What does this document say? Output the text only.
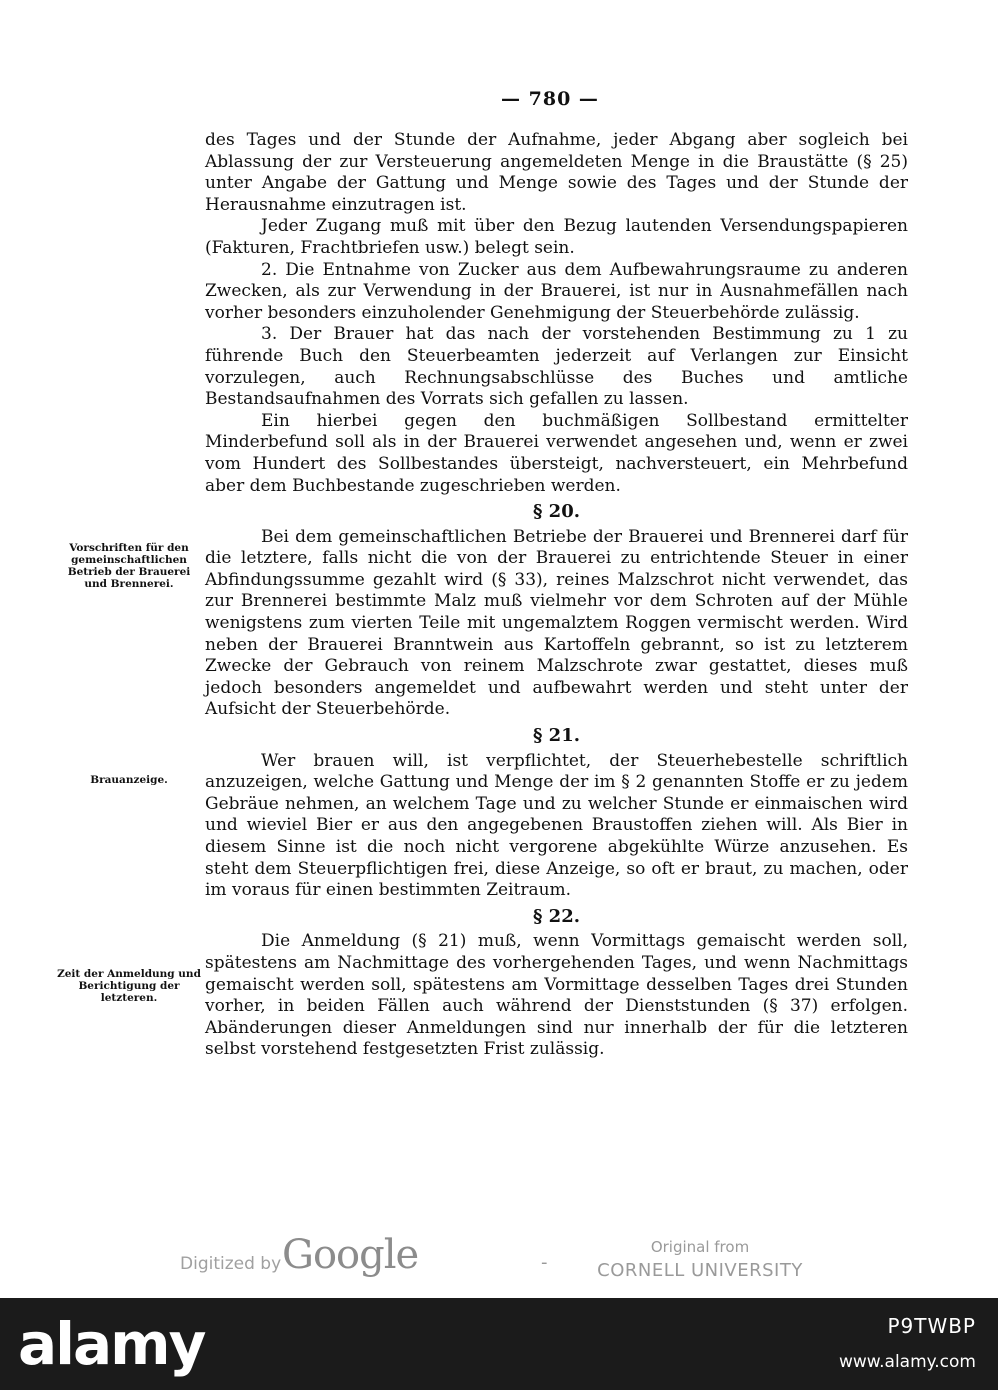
— 780 —

des Tages und der Stunde der Aufnahme, jeder Abgang aber sogleich bei Ablassung der zur Versteuerung angemeldeten Menge in die Braustätte (§ 25) unter Angabe der Gattung und Menge sowie des Tages und der Stunde der Herausnahme einzutragen ist.

Jeder Zugang muß mit über den Bezug lautenden Versendungspapieren (Fakturen, Frachtbriefen usw.) belegt sein.

2. Die Entnahme von Zucker aus dem Aufbewahrungsraume zu anderen Zwecken, als zur Verwendung in der Brauerei, ist nur in Ausnahmefällen nach vorher besonders einzuholender Genehmigung der Steuerbehörde zulässig.

3. Der Brauer hat das nach der vorstehenden Bestimmung zu 1 zu führende Buch den Steuerbeamten jederzeit auf Verlangen zur Einsicht vorzulegen, auch Rechnungsabschlüsse des Buches und amtliche Bestandsaufnahmen des Vorrats sich gefallen zu lassen.

Ein hierbei gegen den buchmäßigen Sollbestand ermittelter Minderbefund soll als in der Brauerei verwendet angesehen und, wenn er zwei vom Hundert des Sollbestandes übersteigt, nachversteuert, ein Mehrbefund aber dem Buchbestande zugeschrieben werden.

§ 20.

Bei dem gemeinschaftlichen Betriebe der Brauerei und Brennerei darf für die letztere, falls nicht die von der Brauerei zu entrichtende Steuer in einer Abfindungssumme gezahlt wird (§ 33), reines Malzschrot nicht verwendet, das zur Brennerei bestimmte Malz muß vielmehr vor dem Schroten auf der Mühle wenigstens zum vierten Teile mit ungemalztem Roggen vermischt werden. Wird neben der Brauerei Branntwein aus Kartoffeln gebrannt, so ist zu letzterem Zwecke der Gebrauch von reinem Malzschrote zwar gestattet, dieses muß jedoch besonders angemeldet und aufbewahrt werden und steht unter der Aufsicht der Steuerbehörde.

§ 21.

Wer brauen will, ist verpflichtet, der Steuerhebestelle schriftlich anzuzeigen, welche Gattung und Menge der im § 2 genannten Stoffe er zu jedem Gebräue nehmen, an welchem Tage und zu welcher Stunde er einmaischen wird und wieviel Bier er aus den angegebenen Braustoffen ziehen will. Als Bier in diesem Sinne ist die noch nicht vergorene abgekühlte Würze anzusehen. Es steht dem Steuerpflichtigen frei, diese Anzeige, so oft er braut, zu machen, oder im voraus für einen bestimmten Zeitraum.

§ 22.

Die Anmeldung (§ 21) muß, wenn Vormittags gemaischt werden soll, spätestens am Nachmittage des vorhergehenden Tages, und wenn Nachmittags gemaischt werden soll, spätestens am Vormittage desselben Tages drei Stunden vorher, in beiden Fällen auch während der Dienststunden (§ 37) erfolgen. Abänderungen dieser Anmeldungen sind nur innerhalb der für die letzteren selbst vorstehend festgesetzten Frist zulässig.

Vorschriften für den gemeinschaftlichen Betrieb der Brauerei und Brennerei.
Brauanzeige.
Zeit der Anmeldung und Berichtigung der letzteren.
Digitized by Google	-
Original from
CORNELL UNIVERSITY
alamy	P9TWBP
www.alamy.com
